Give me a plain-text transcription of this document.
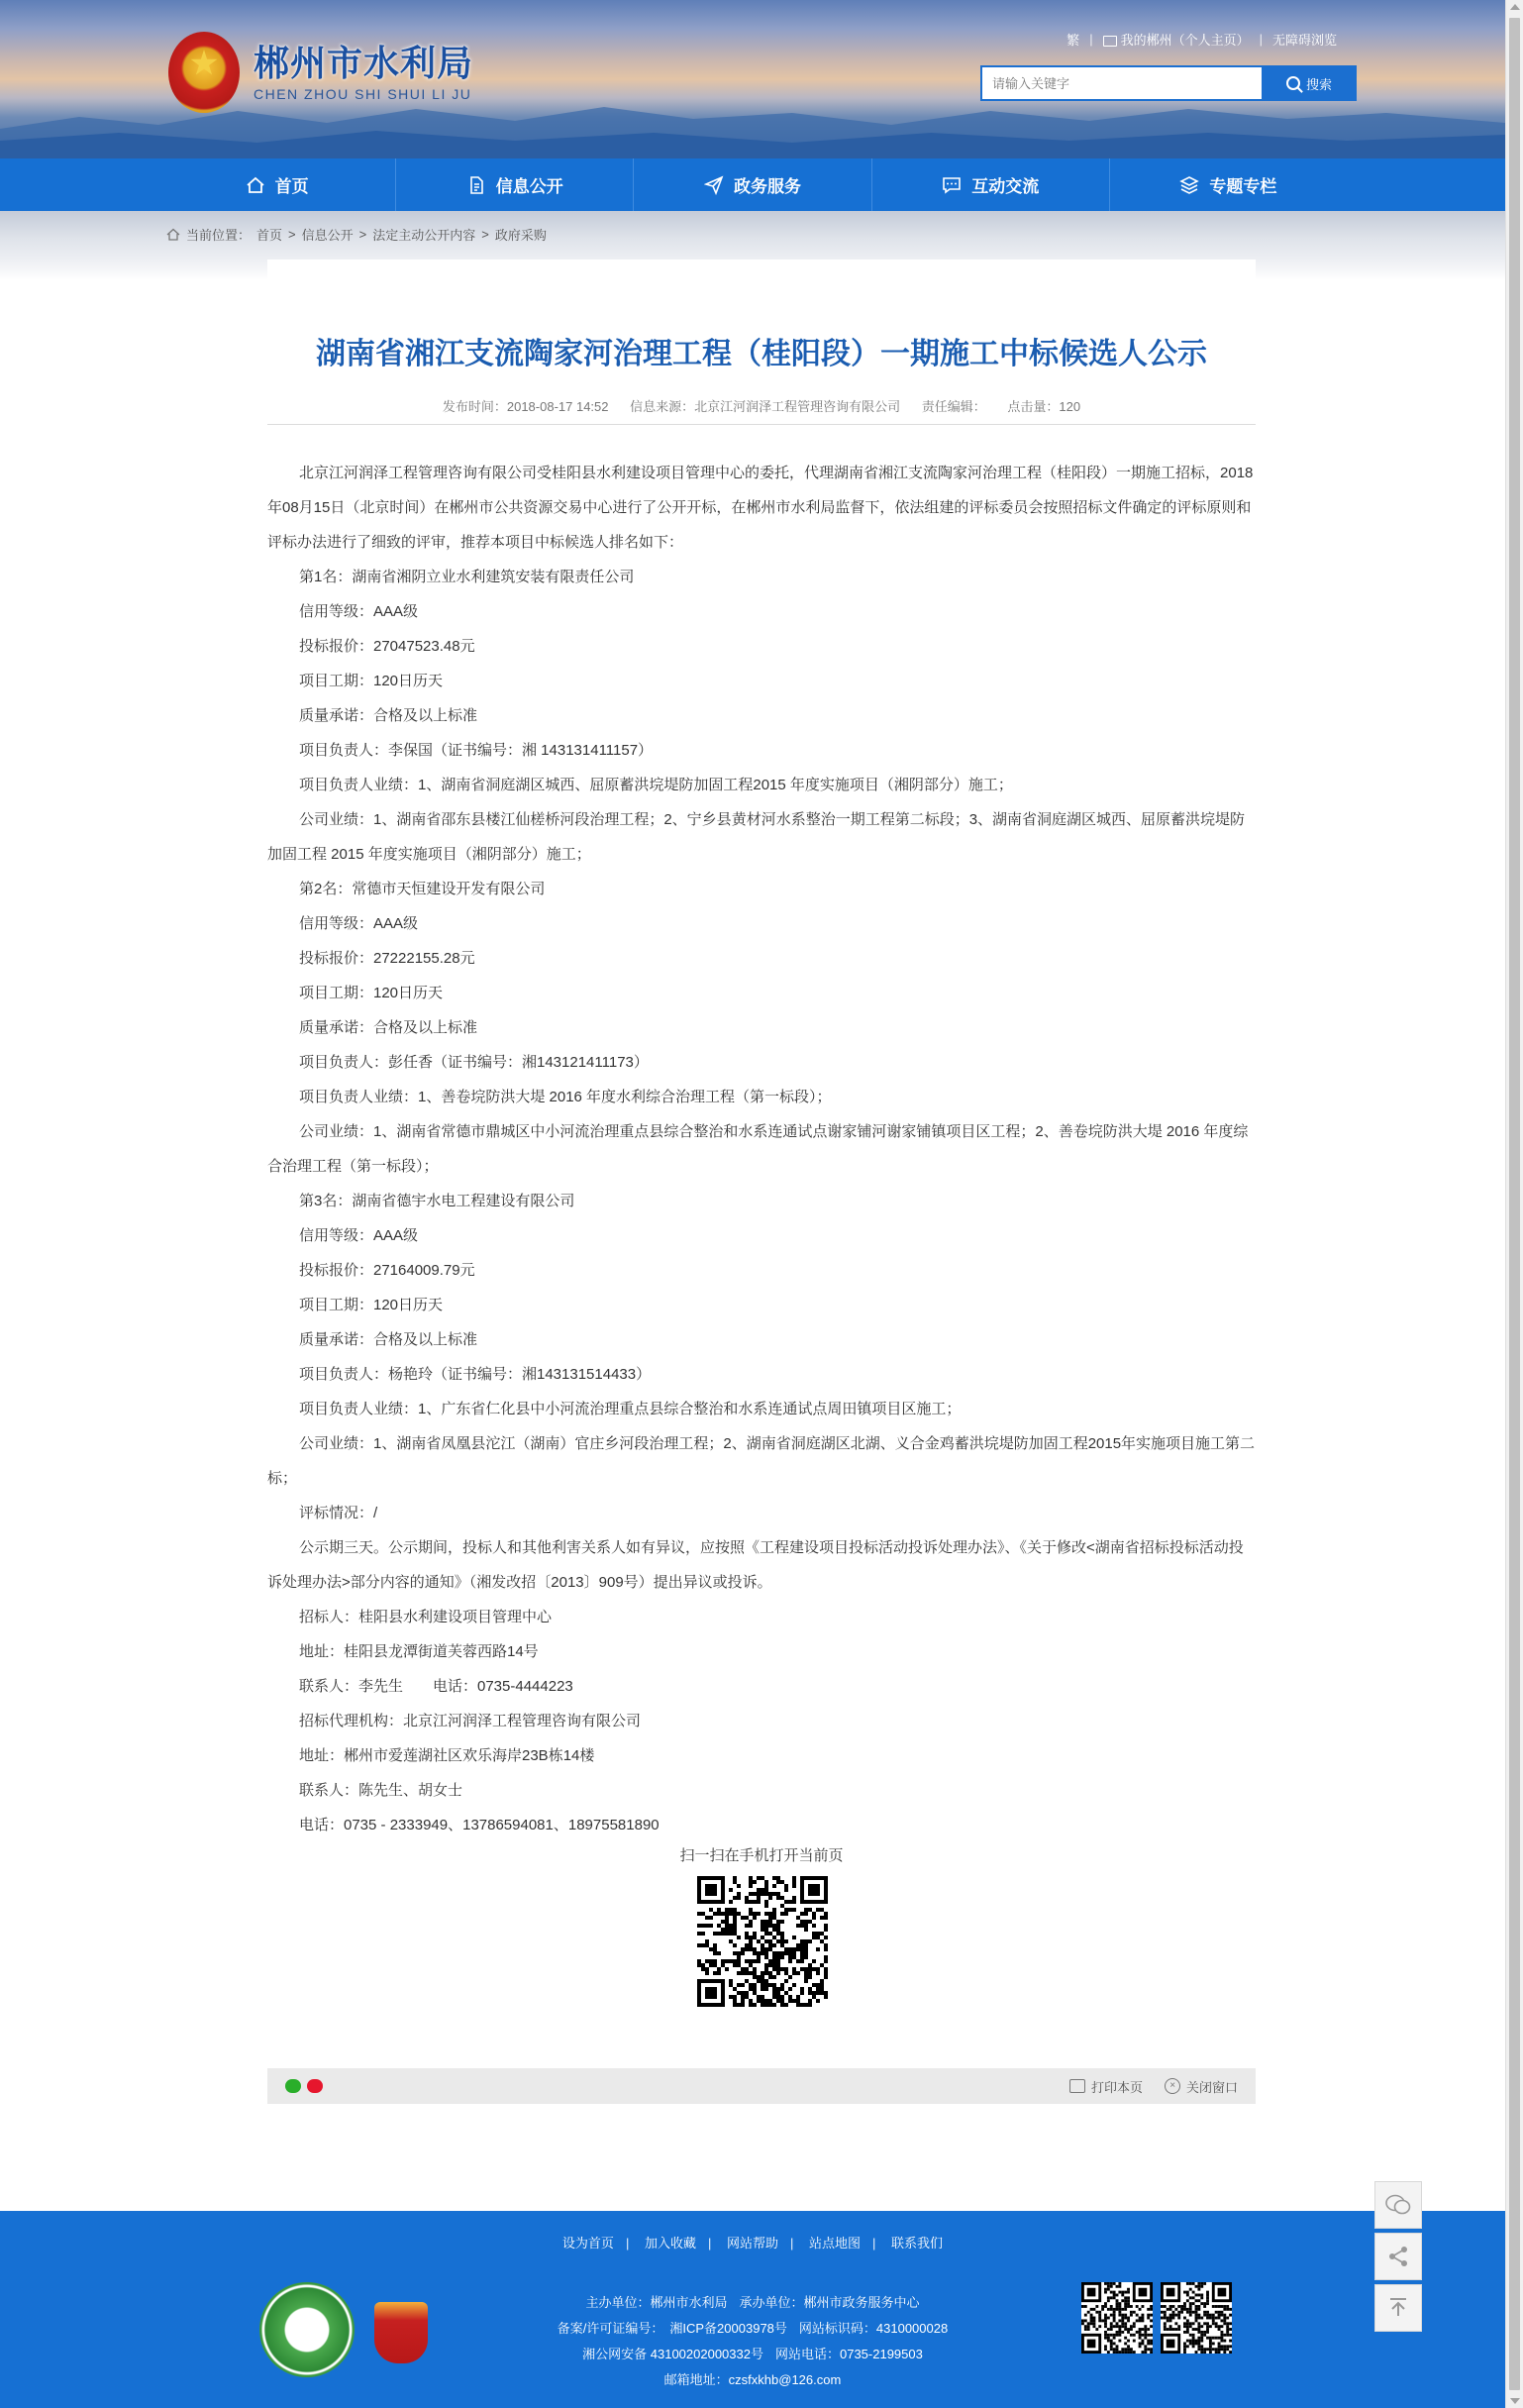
郴州市水利局
CHEN ZHOU SHI SHUI LI JU
繁 |	我的郴州（个人主页） | 无障碍浏览
请输入关键字
搜索
首页	信息公开	政务服务	互动交流	专题专栏
当前位置： 首页 > 信息公开 > 法定主动公开内容 > 政府采购
湖南省湘江支流陶家河治理工程（桂阳段）一期施工中标候选人公示
发布时间：2018-08-17 14:52 信息来源：北京江河润泽工程管理咨询有限公司 责任编辑： 点击量：120

北京江河润泽工程管理咨询有限公司受桂阳县水利建设项目管理中心的委托，代理湖南省湘江支流陶家河治理工程（桂阳段）一期施工招标，2018年08月15日（北京时间）在郴州市公共资源交易中心进行了公开开标，在郴州市水利局监督下，依法组建的评标委员会按照招标文件确定的评标原则和评标办法进行了细致的评审，推荐本项目中标候选人排名如下：

第1名：湖南省湘阴立业水利建筑安装有限责任公司

信用等级：AAA级

投标报价：27047523.48元

项目工期：120日历天

质量承诺：合格及以上标准

项目负责人：李保国（证书编号：湘 143131411157）

项目负责人业绩：1、湖南省洞庭湖区城西、屈原蓄洪垸堤防加固工程2015 年度实施项目（湘阴部分）施工；

公司业绩：1、湖南省邵东县楼江仙槎桥河段治理工程；2、宁乡县黄材河水系整治一期工程第二标段；3、湖南省洞庭湖区城西、屈原蓄洪垸堤防加固工程 2015 年度实施项目（湘阴部分）施工；

第2名：常德市天恒建设开发有限公司

信用等级：AAA级

投标报价：27222155.28元

项目工期：120日历天

质量承诺：合格及以上标准

项目负责人：彭任香（证书编号：湘143121411173）

项目负责人业绩：1、善卷垸防洪大堤 2016 年度水利综合治理工程（第一标段）；

公司业绩：1、湖南省常德市鼎城区中小河流治理重点县综合整治和水系连通试点谢家铺河谢家铺镇项目区工程；2、善卷垸防洪大堤 2016 年度综合治理工程（第一标段）；

第3名：湖南省德宇水电工程建设有限公司

信用等级：AAA级

投标报价：27164009.79元

项目工期：120日历天

质量承诺：合格及以上标准

项目负责人：杨艳玲（证书编号：湘143131514433）

项目负责人业绩：1、广东省仁化县中小河流治理重点县综合整治和水系连通试点周田镇项目区施工；

公司业绩：1、湖南省凤凰县沱江（湖南）官庄乡河段治理工程；2、湖南省洞庭湖区北湖、义合金鸡蓄洪垸堤防加固工程2015年实施项目施工第二标；

评标情况：/

公示期三天。公示期间，投标人和其他利害关系人如有异议，应按照《工程建设项目投标活动投诉处理办法》、《关于修改<湖南省招标投标活动投诉处理办法>部分内容的通知》（湘发改招〔2013〕909号）提出异议或投诉。

招标人：桂阳县水利建设项目管理中心

地址：桂阳县龙潭街道芙蓉西路14号

联系人：李先生　　电话：0735-4444223

招标代理机构：北京江河润泽工程管理咨询有限公司

地址：郴州市爱莲湖社区欢乐海岸23B栋14楼

联系人：陈先生、胡女士

电话：0735 - 2333949、13786594081、18975581890

扫一扫在手机打开当前页
打印本页	× 关闭窗口
设为首页 | 加入收藏 | 网站帮助 | 站点地图 | 联系我们
主办单位：郴州市水利局 承办单位：郴州市政务服务中心
备案/许可证编号： 湘ICP备20003978号 网站标识码：4310000028
湘公网安备 43100202000332号 网站电话：0735-2199503
邮箱地址：czsfxkhb@126.com
